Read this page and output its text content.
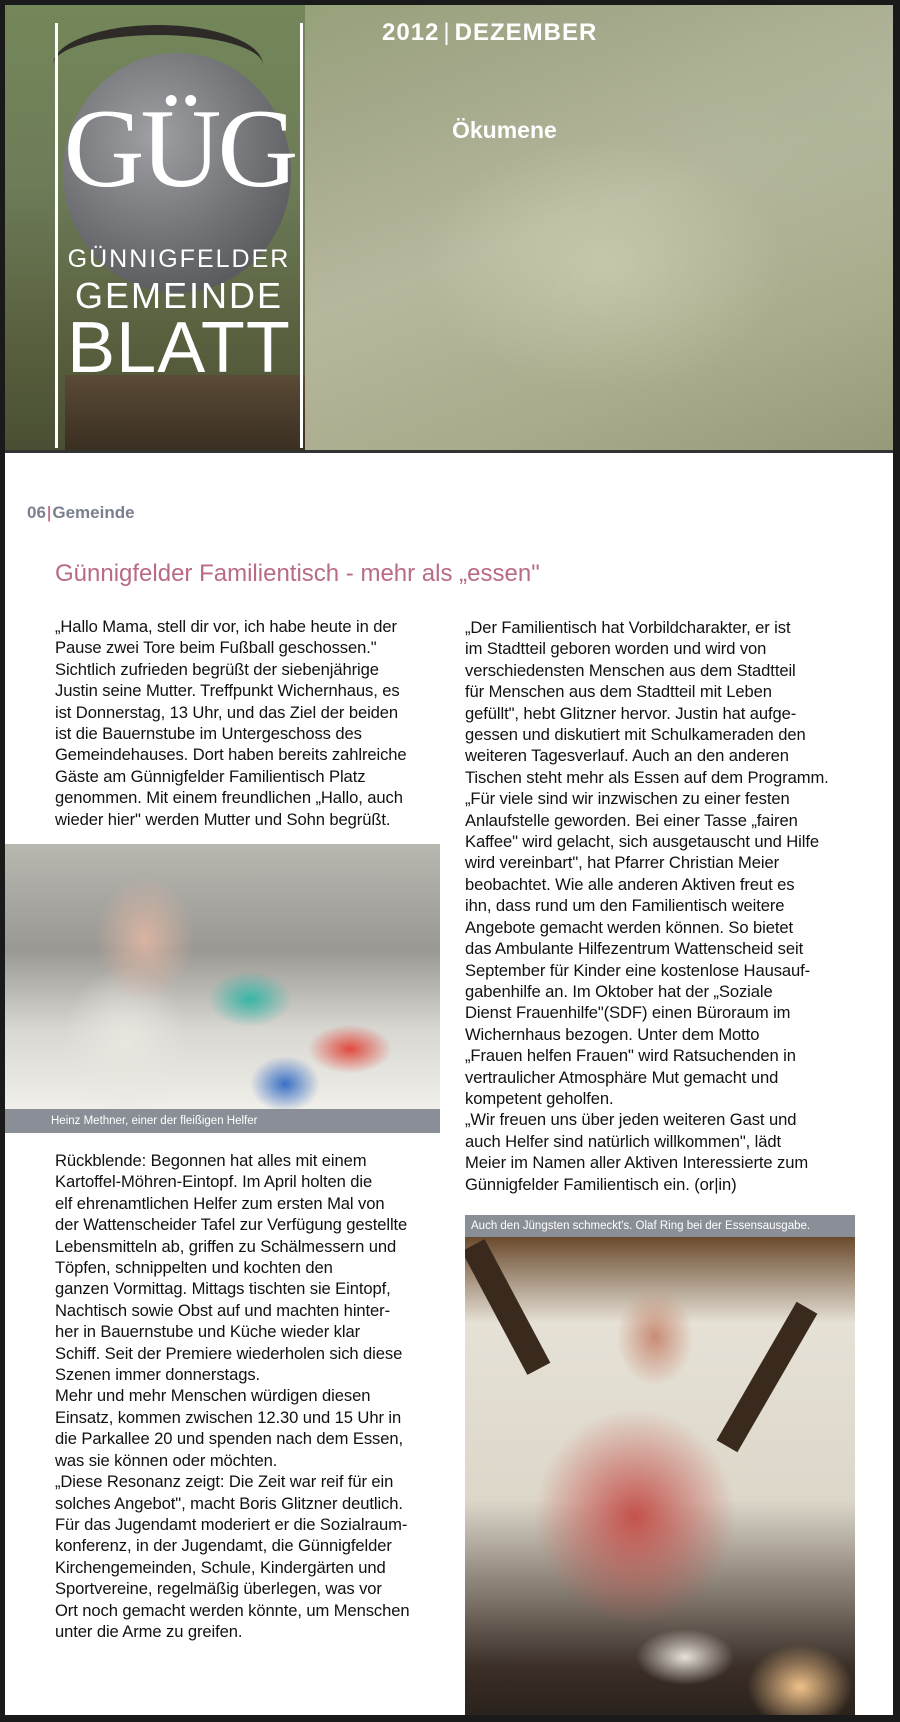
GÜG
GÜNNIGFELDER
GEMEINDE
BLATT
2012 | DEZEMBER
Ökumene
06|Gemeinde
Günnigfelder Familientisch - mehr als „essen"

„Hallo Mama, stell dir vor, ich habe heute in der

Pause zwei Tore beim Fußball geschossen."

Sichtlich zufrieden begrüßt der siebenjährige

Justin seine Mutter. Treffpunkt Wichernhaus, es

ist Donnerstag, 13 Uhr, und das Ziel der beiden

ist die Bauernstube im Untergeschoss des

Gemeindehauses. Dort haben bereits zahlreiche

Gäste am Günnigfelder Familientisch Platz

genommen. Mit einem freundlichen „Hallo, auch

wieder hier" werden Mutter und Sohn begrüßt.

Heinz Methner, einer der fleißigen Helfer

Rückblende: Begonnen hat alles mit einem

Kartoffel-Möhren-Eintopf. Im April holten die

elf ehrenamtlichen Helfer zum ersten Mal von

der Wattenscheider Tafel zur Verfügung gestellte

Lebensmitteln ab, griffen zu Schälmessern und

Töpfen, schnippelten und kochten den

ganzen Vormittag. Mittags tischten sie Eintopf,

Nachtisch sowie Obst auf und machten hinter-

her in Bauernstube und Küche wieder klar

Schiff. Seit der Premiere wiederholen sich diese

Szenen immer donnerstags.

Mehr und mehr Menschen würdigen diesen

Einsatz, kommen zwischen 12.30 und 15 Uhr in

die Parkallee 20 und spenden nach dem Essen,

was sie können oder möchten.

„Diese Resonanz zeigt: Die Zeit war reif für ein

solches Angebot", macht Boris Glitzner deutlich.

Für das Jugendamt moderiert er die Sozialraum-

konferenz, in der Jugendamt, die Günnigfelder

Kirchengemeinden, Schule, Kindergärten und

Sportvereine, regelmäßig überlegen, was vor

Ort noch gemacht werden könnte, um Menschen

unter die Arme zu greifen.

„Der Familientisch hat Vorbildcharakter, er ist

im Stadtteil geboren worden und wird von

verschiedensten Menschen aus dem Stadtteil

für Menschen aus dem Stadtteil mit Leben

gefüllt", hebt Glitzner hervor. Justin hat aufge-

gessen und diskutiert mit Schulkameraden den

weiteren Tagesverlauf. Auch an den anderen

Tischen steht mehr als Essen auf dem Programm.

„Für viele sind wir inzwischen zu einer festen

Anlaufstelle geworden. Bei einer Tasse „fairen

Kaffee" wird gelacht, sich ausgetauscht und Hilfe

wird vereinbart", hat Pfarrer Christian Meier

beobachtet. Wie alle anderen Aktiven freut es

ihn, dass rund um den Familientisch weitere

Angebote gemacht werden können. So bietet

das Ambulante Hilfezentrum Wattenscheid seit

September für Kinder eine kostenlose Hausauf-

gabenhilfe an. Im Oktober hat der „Soziale

Dienst Frauenhilfe"(SDF) einen Büroraum im

Wichernhaus bezogen. Unter dem Motto

„Frauen helfen Frauen" wird Ratsuchenden in

vertraulicher Atmosphäre Mut gemacht und

kompetent geholfen.

„Wir freuen uns über jeden weiteren Gast und

auch Helfer sind natürlich willkommen", lädt

Meier im Namen aller Aktiven Interessierte zum

Günnigfelder Familientisch ein. (or|in)

Auch den Jüngsten schmeckt's. Olaf Ring bei der Essensausgabe.
